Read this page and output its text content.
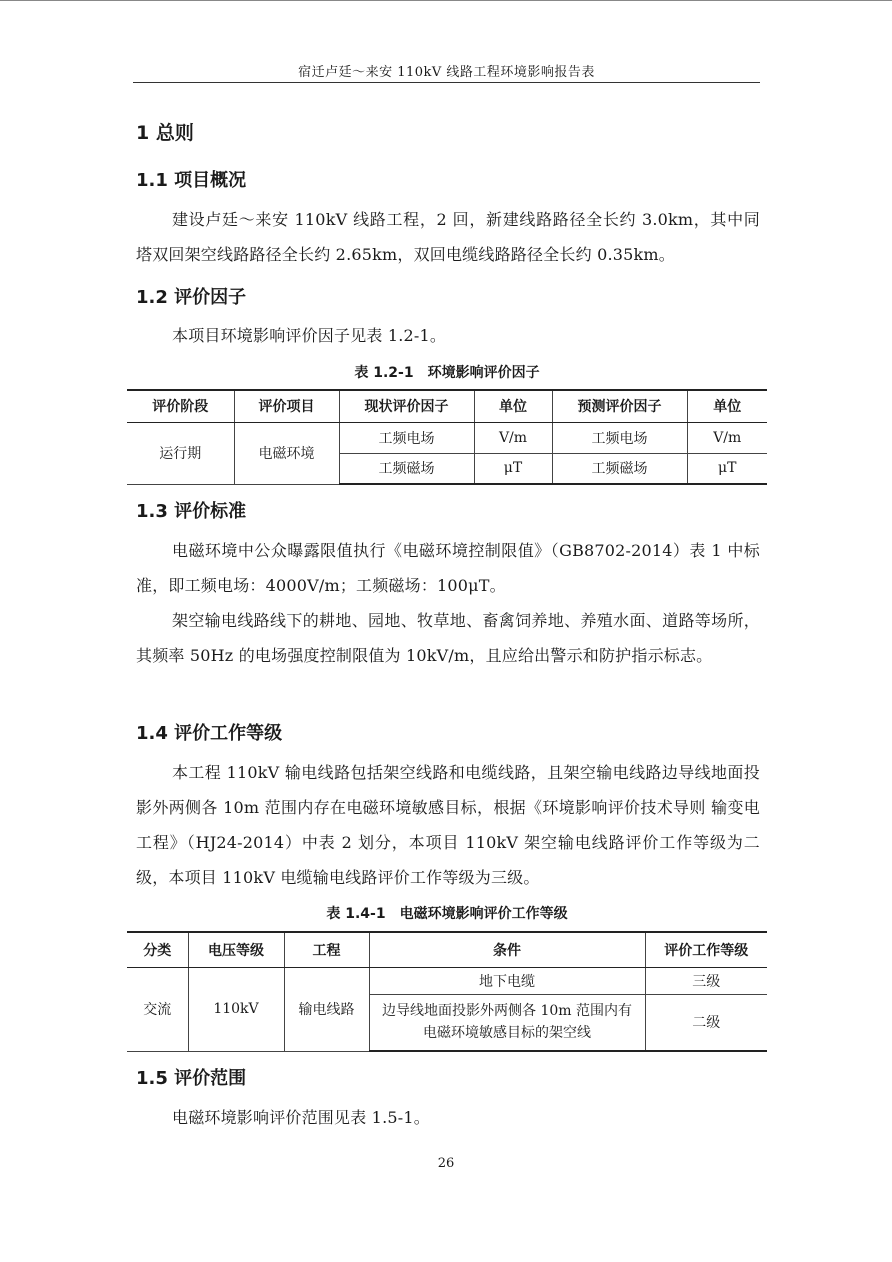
宿迁卢廷～来安 110kV 线路工程环境影响报告表
1 总则
1.1 项目概况
建设卢廷～来安 110kV 线路工程，2 回，新建线路路径全长约 3.0km，其中同塔双回架空线路路径全长约 2.65km，双回电缆线路路径全长约 0.35km。
1.2 评价因子
本项目环境影响评价因子见表 1.2-1。
表 1.2-1　环境影响评价因子
评价阶段	评价项目	现状评价因子	单位	预测评价因子	单位
运行期	电磁环境	工频电场	V/m	工频电场	V/m
		工频磁场	μT	工频磁场	μT
1.3 评价标准
电磁环境中公众曝露限值执行《电磁环境控制限值》（GB8702-2014）表 1 中标准，即工频电场：4000V/m；工频磁场：100μT。
架空输电线路线下的耕地、园地、牧草地、畜禽饲养地、养殖水面、道路等场所，其频率 50Hz 的电场强度控制限值为 10kV/m，且应给出警示和防护指示标志。
1.4 评价工作等级
本工程 110kV 输电线路包括架空线路和电缆线路，且架空输电线路边导线地面投影外两侧各 10m 范围内存在电磁环境敏感目标，根据《环境影响评价技术导则 输变电工程》（HJ24-2014）中表 2 划分，本项目 110kV 架空输电线路评价工作等级为二级，本项目 110kV 电缆输电线路评价工作等级为三级。
表 1.4-1　电磁环境影响评价工作等级
分类	电压等级	工程	条件	评价工作等级
交流	110kV	输电线路	地下电缆	三级
			边导线地面投影外两侧各 10m 范围内有电磁环境敏感目标的架空线	二级
1.5 评价范围
电磁环境影响评价范围见表 1.5-1。
26
